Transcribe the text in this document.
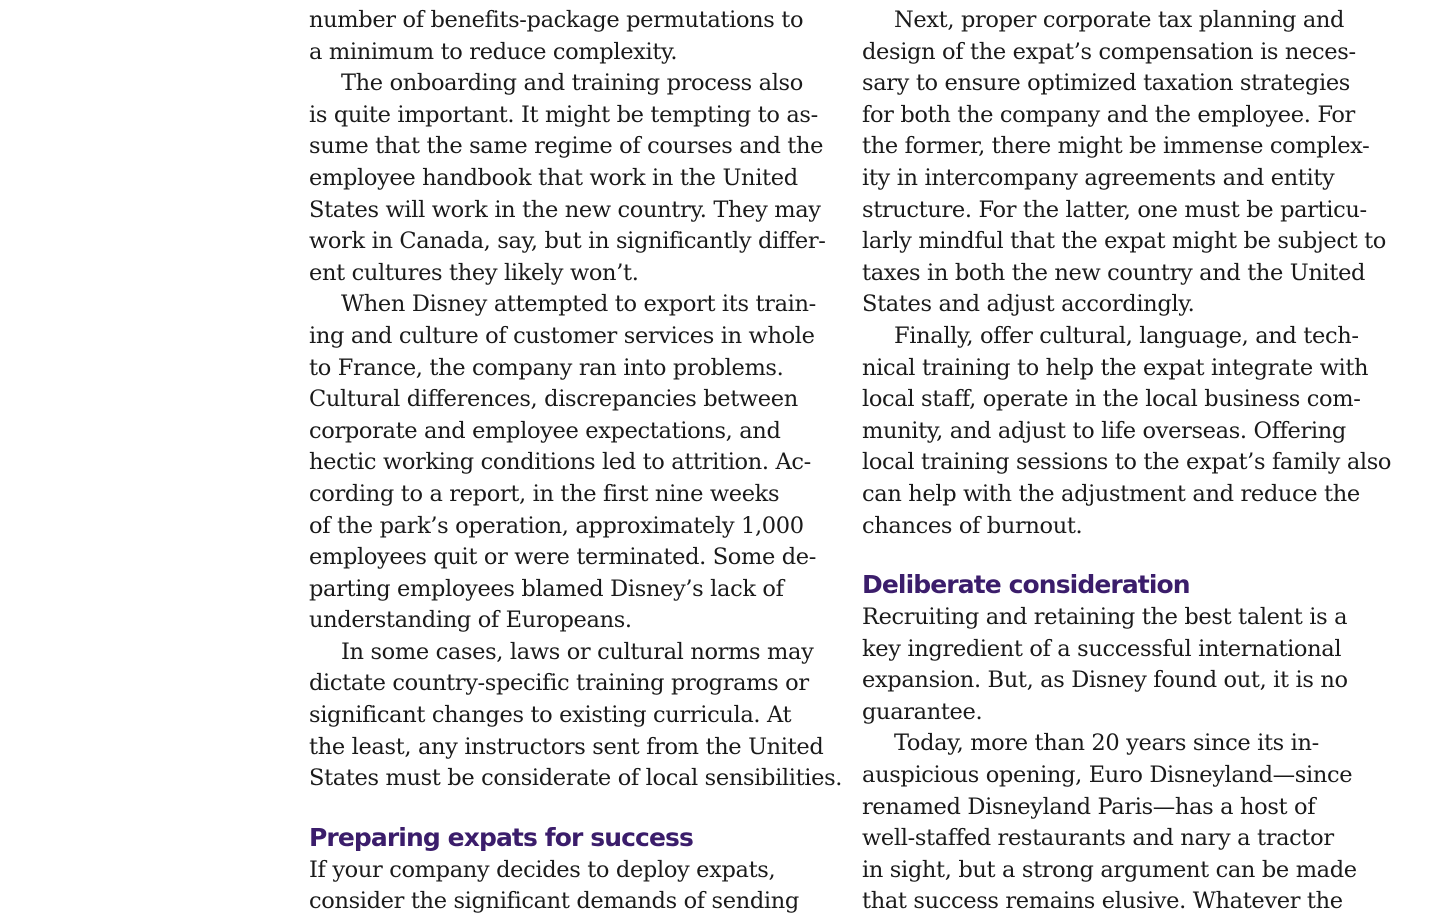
number of benefits-package permutations to
a minimum to reduce complexity.
The onboarding and training process also
is quite important. It might be tempting to as-
sume that the same regime of courses and the
employee handbook that work in the United
States will work in the new country. They may
work in Canada, say, but in significantly differ-
ent cultures they likely won’t.
When Disney attempted to export its train-
ing and culture of customer services in whole
to France, the company ran into problems.
Cultural differences, discrepancies between
corporate and employee expectations, and
hectic working conditions led to attrition. Ac-
cording to a report, in the first nine weeks
of the park’s operation, approximately 1,000
employees quit or were terminated. Some de-
parting employees blamed Disney’s lack of
understanding of Europeans.
In some cases, laws or cultural norms may
dictate country-specific training programs or
significant changes to existing curricula. At
the least, any instructors sent from the United
States must be considerate of local sensibilities.
Preparing expats for success
If your company decides to deploy expats,
consider the significant demands of sending
Next, proper corporate tax planning and
design of the expat’s compensation is neces-
sary to ensure optimized taxation strategies
for both the company and the employee. For
the former, there might be immense complex-
ity in intercompany agreements and entity
structure. For the latter, one must be particu-
larly mindful that the expat might be subject to
taxes in both the new country and the United
States and adjust accordingly.
Finally, offer cultural, language, and tech-
nical training to help the expat integrate with
local staff, operate in the local business com-
munity, and adjust to life overseas. Offering
local training sessions to the expat’s family also
can help with the adjustment and reduce the
chances of burnout.
Deliberate consideration
Recruiting and retaining the best talent is a
key ingredient of a successful international
expansion. But, as Disney found out, it is no
guarantee.
Today, more than 20 years since its in-
auspicious opening, Euro Disneyland—since
renamed Disneyland Paris—has a host of
well-staffed restaurants and nary a tractor
in sight, but a strong argument can be made
that success remains elusive. Whatever the
